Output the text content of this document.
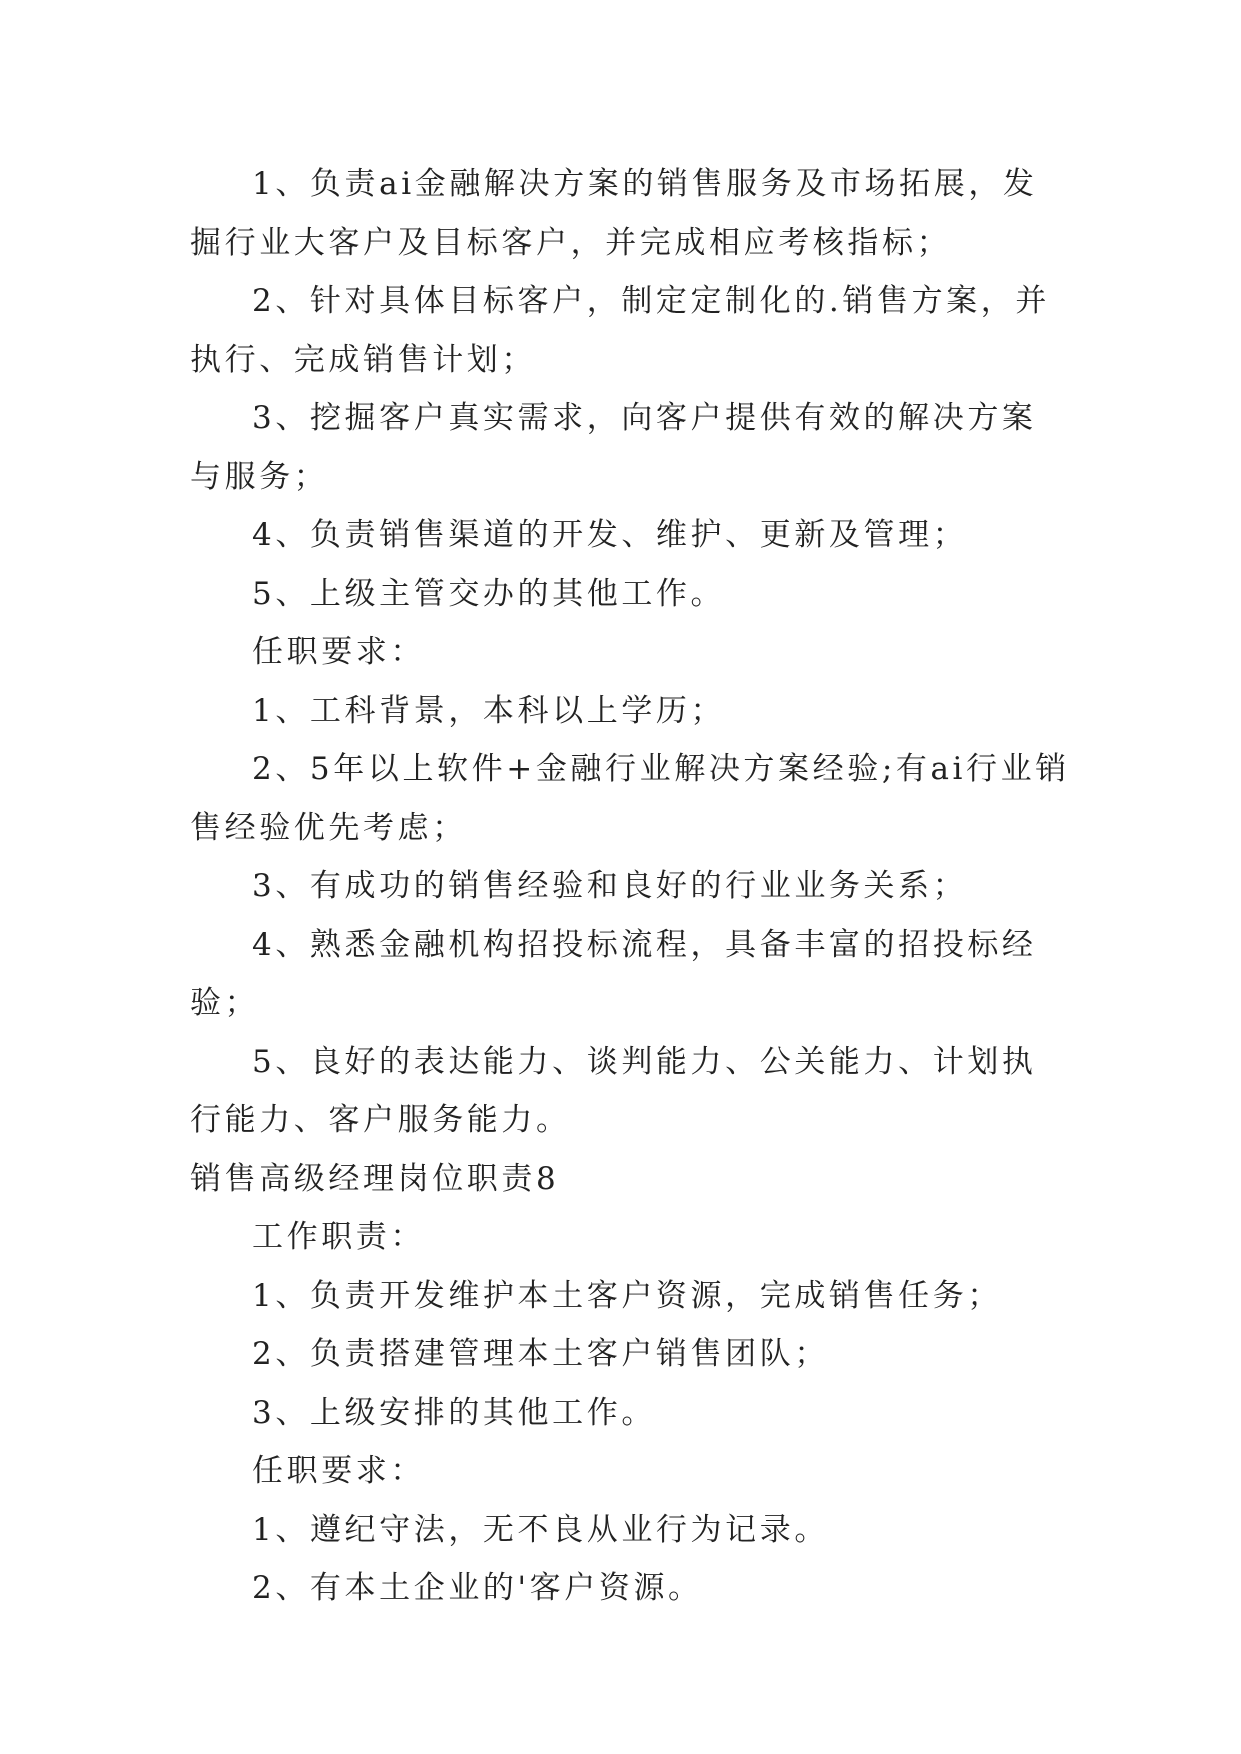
1、负责ai金融解决方案的销售服务及市场拓展，发掘行业大客户及目标客户，并完成相应考核指标；

2、针对具体目标客户，制定定制化的.销售方案，并执行、完成销售计划；

3、挖掘客户真实需求，向客户提供有效的解决方案与服务；

4、负责销售渠道的开发、维护、更新及管理；

5、上级主管交办的其他工作。

任职要求：

1、工科背景，本科以上学历；

2、5年以上软件+金融行业解决方案经验;有ai行业销售经验优先考虑；

3、有成功的销售经验和良好的行业业务关系；

4、熟悉金融机构招投标流程，具备丰富的招投标经验；

5、良好的表达能力、谈判能力、公关能力、计划执行能力、客户服务能力。

销售高级经理岗位职责8

工作职责：

1、负责开发维护本土客户资源，完成销售任务；

2、负责搭建管理本土客户销售团队；

3、上级安排的其他工作。

任职要求：

1、遵纪守法，无不良从业行为记录。

2、有本土企业的'客户资源。
